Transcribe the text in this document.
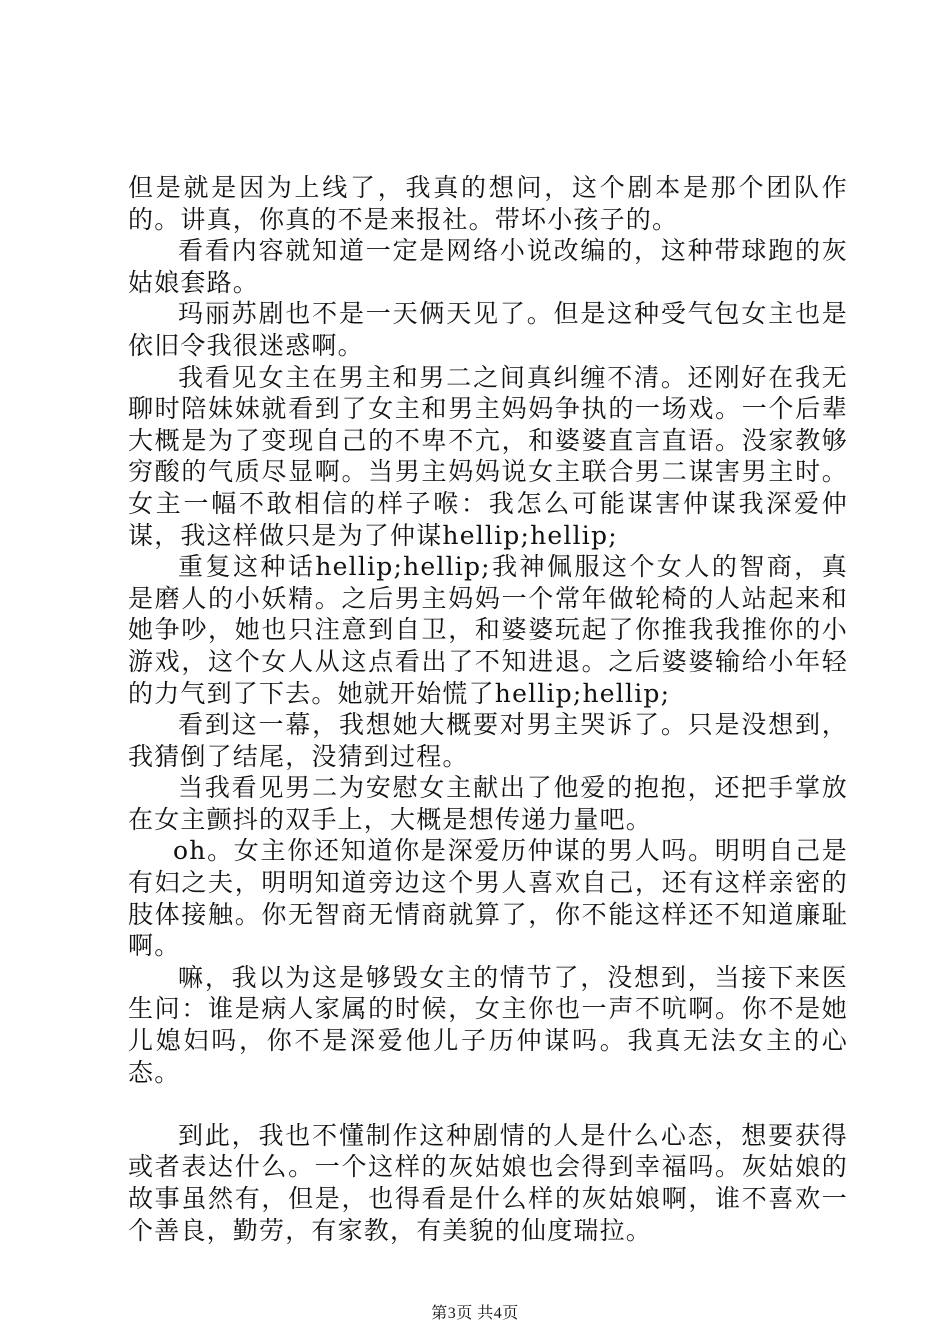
但是就是因为上线了，我真的想问，这个剧本是那个团队作的。讲真，你真的不是来报社。带坏小孩子的。

看看内容就知道一定是网络小说改编的，这种带球跑的灰姑娘套路。

玛丽苏剧也不是一天俩天见了。但是这种受气包女主也是依旧令我很迷惑啊。

我看见女主在男主和男二之间真纠缠不清。还刚好在我无聊时陪妹妹就看到了女主和男主妈妈争执的一场戏。一个后辈大概是为了变现自己的不卑不亢，和婆婆直言直语。没家教够穷酸的气质尽显啊。当男主妈妈说女主联合男二谋害男主时。女主一幅不敢相信的样子喉：我怎么可能谋害仲谋我深爱仲谋，我这样做只是为了仲谋hellip;hellip;

重复这种话hellip;hellip;我神佩服这个女人的智商，真是磨人的小妖精。之后男主妈妈一个常年做轮椅的人站起来和她争吵，她也只注意到自卫，和婆婆玩起了你推我我推你的小游戏，这个女人从这点看出了不知进退。之后婆婆输给小年轻的力气到了下去。她就开始慌了hellip;hellip;

看到这一幕，我想她大概要对男主哭诉了。只是没想到，我猜倒了结尾，没猜到过程。

当我看见男二为安慰女主献出了他爱的抱抱，还把手掌放在女主颤抖的双手上，大概是想传递力量吧。

oh。女主你还知道你是深爱历仲谋的男人吗。明明自己是有妇之夫，明明知道旁边这个男人喜欢自己，还有这样亲密的肢体接触。你无智商无情商就算了，你不能这样还不知道廉耻啊。

嘛，我以为这是够毁女主的情节了，没想到，当接下来医生问：谁是病人家属的时候，女主你也一声不吭啊。你不是她儿媳妇吗，你不是深爱他儿子历仲谋吗。我真无法女主的心态。

到此，我也不懂制作这种剧情的人是什么心态，想要获得或者表达什么。一个这样的灰姑娘也会得到幸福吗。灰姑娘的故事虽然有，但是，也得看是什么样的灰姑娘啊，谁不喜欢一个善良，勤劳，有家教，有美貌的仙度瑞拉。

第3页 共4页
